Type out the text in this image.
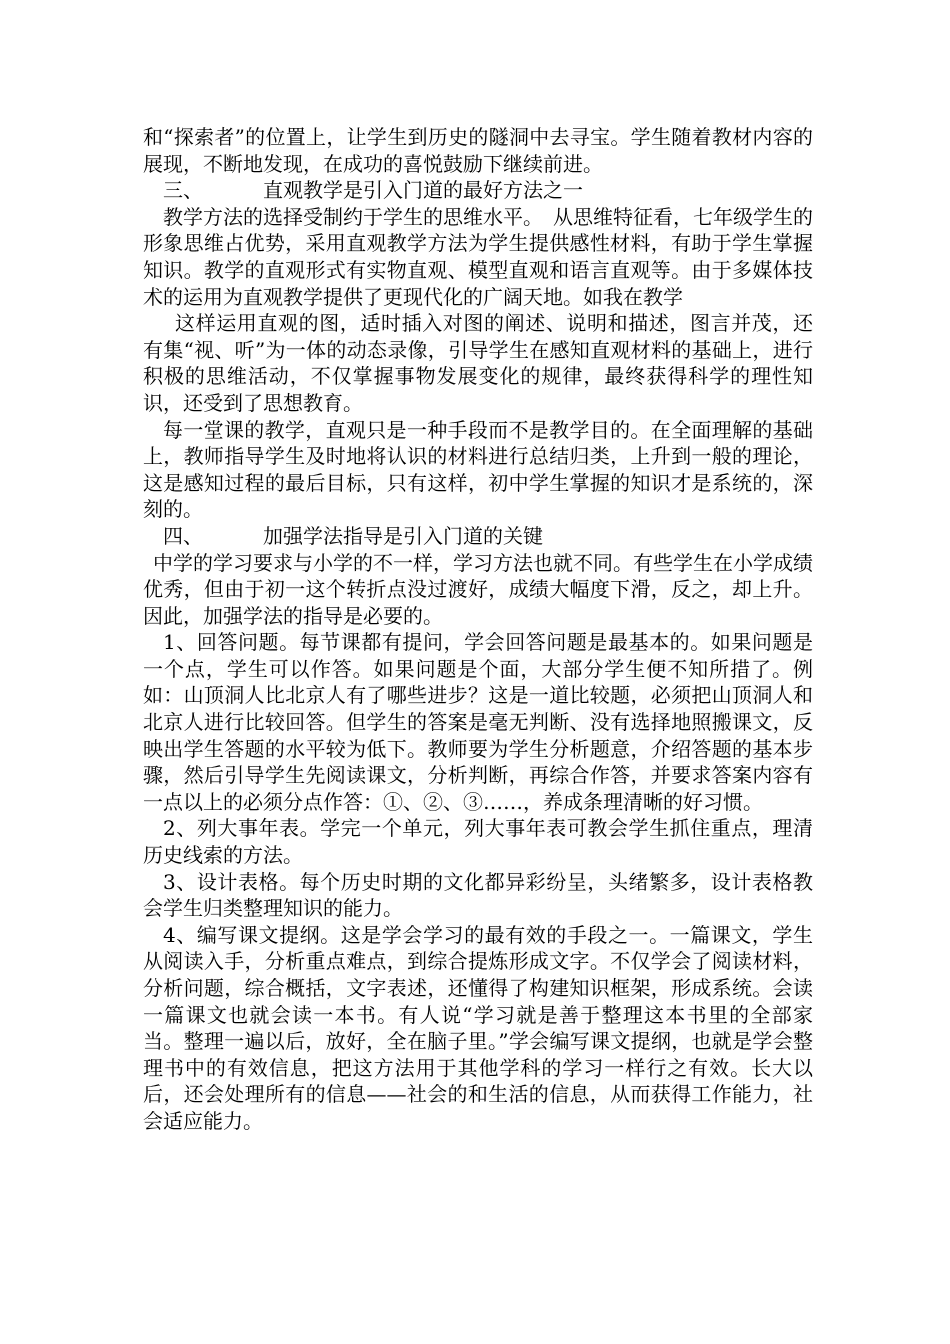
和“探索者”的位置上，让学生到历史的隧洞中去寻宝。学生随着教材内容的展现，不断地发现，在成功的喜悦鼓励下继续前进。

三、	直观教学是引入门道的最好方法之一

教学方法的选择受制约于学生的思维水平。　从思维特征看，七年级学生的形象思维占优势，采用直观教学方法为学生提供感性材料，有助于学生掌握知识。教学的直观形式有实物直观、模型直观和语言直观等。由于多媒体技术的运用为直观教学提供了更现代化的广阔天地。如我在教学

这样运用直观的图，适时插入对图的阐述、说明和描述，图言并茂，还有集“视、听”为一体的动态录像，引导学生在感知直观材料的基础上，进行积极的思维活动，不仅掌握事物发展变化的规律，最终获得科学的理性知识，还受到了思想教育。

每一堂课的教学，直观只是一种手段而不是教学目的。在全面理解的基础上，教师指导学生及时地将认识的材料进行总结归类，上升到一般的理论，这是感知过程的最后目标，只有这样，初中学生掌握的知识才是系统的，深刻的。

四、	加强学法指导是引入门道的关键

中学的学习要求与小学的不一样，学习方法也就不同。有些学生在小学成绩优秀，但由于初一这个转折点没过渡好，成绩大幅度下滑，反之，却上升。因此，加强学法的指导是必要的。

1、回答问题。每节课都有提问，学会回答问题是最基本的。如果问题是一个点，学生可以作答。如果问题是个面，大部分学生便不知所措了。例如：山顶洞人比北京人有了哪些进步？这是一道比较题，必须把山顶洞人和北京人进行比较回答。但学生的答案是毫无判断、没有选择地照搬课文，反映出学生答题的水平较为低下。教师要为学生分析题意，介绍答题的基本步骤，然后引导学生先阅读课文，分析判断，再综合作答，并要求答案内容有一点以上的必须分点作答：①、②、③……，养成条理清晰的好习惯。

2、列大事年表。学完一个单元，列大事年表可教会学生抓住重点，理清历史线索的方法。

3、设计表格。每个历史时期的文化都异彩纷呈，头绪繁多，设计表格教会学生归类整理知识的能力。

4、编写课文提纲。这是学会学习的最有效的手段之一。一篇课文，学生从阅读入手，分析重点难点，到综合提炼形成文字。不仅学会了阅读材料，分析问题，综合概括，文字表述，还懂得了构建知识框架，形成系统。会读一篇课文也就会读一本书。有人说“学习就是善于整理这本书里的全部家当。整理一遍以后，放好，全在脑子里。”学会编写课文提纲，也就是学会整理书中的有效信息，把这方法用于其他学科的学习一样行之有效。长大以后，还会处理所有的信息——社会的和生活的信息，从而获得工作能力，社会适应能力。
